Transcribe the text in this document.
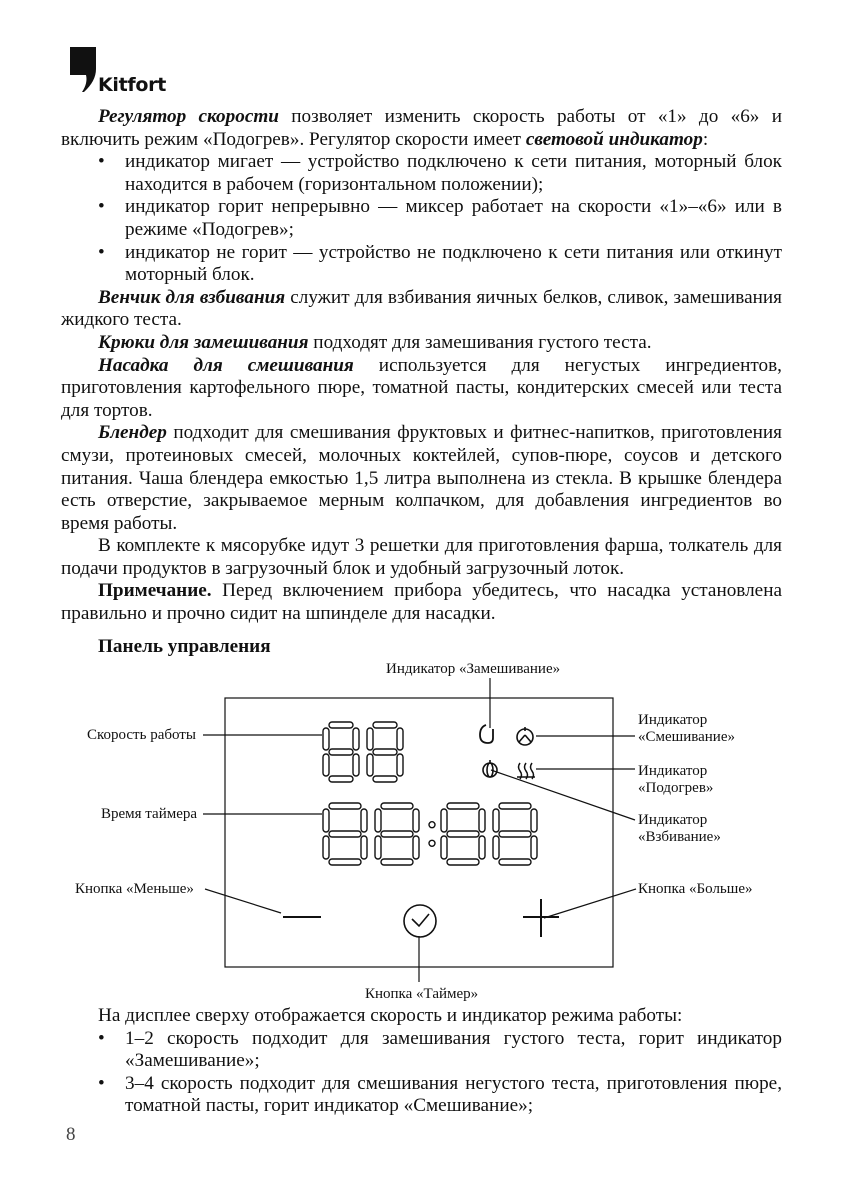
Kitfort

Регулятор скорости позволяет изменить скорость работы от «1» до «6» и включить режим «Подогрев». Регулятор скорости имеет световой индикатор:

• индикатор мигает — устройство подключено к сети питания, моторный блок находится в рабочем (горизонтальном положении);
• индикатор горит непрерывно — миксер работает на скорости «1»–«6» или в режиме «Подогрев»;
• индикатор не горит — устройство не подключено к сети питания или откинут моторный блок.

Венчик для взбивания служит для взбивания яичных белков, сливок, замешивания жидкого теста.

Крюки для замешивания подходят для замешивания густого теста.

Насадка для смешивания используется для негустых ингредиентов, приготовления картофельного пюре, томатной пасты, кондитерских смесей или теста для тортов.

Блендер подходит для смешивания фруктовых и фитнес-напитков, приготовления смузи, протеиновых смесей, молочных коктейлей, супов-пюре, соусов и детского питания. Чаша блендера емкостью 1,5 литра выполнена из стекла. В крышке блендера есть отверстие, закрываемое мерным колпачком, для добавления ингредиентов во время работы.

В комплекте к мясорубке идут 3 решетки для приготовления фарша, толкатель для подачи продуктов в загрузочный блок и удобный загрузочный лоток.

Примечание. Перед включением прибора убедитесь, что насадка установлена правильно и прочно сидит на шпинделе для насадки.

Панель управления
Индикатор «Замешивание»
Скорость работы
Время таймера
Кнопка «Меньше»	Кнопка «Больше»
Кнопка «Таймер»
Индикатор
«Смешивание»
Индикатор
«Подогрев»
Индикатор
«Взбивание»

На дисплее сверху отображается скорость и индикатор режима работы:

• 1–2 скорость подходит для замешивания густого теста, горит индикатор «Замешивание»;
• 3–4 скорость подходит для смешивания негустого теста, приготовления пюре, томатной пасты, горит индикатор «Смешивание»;
8
